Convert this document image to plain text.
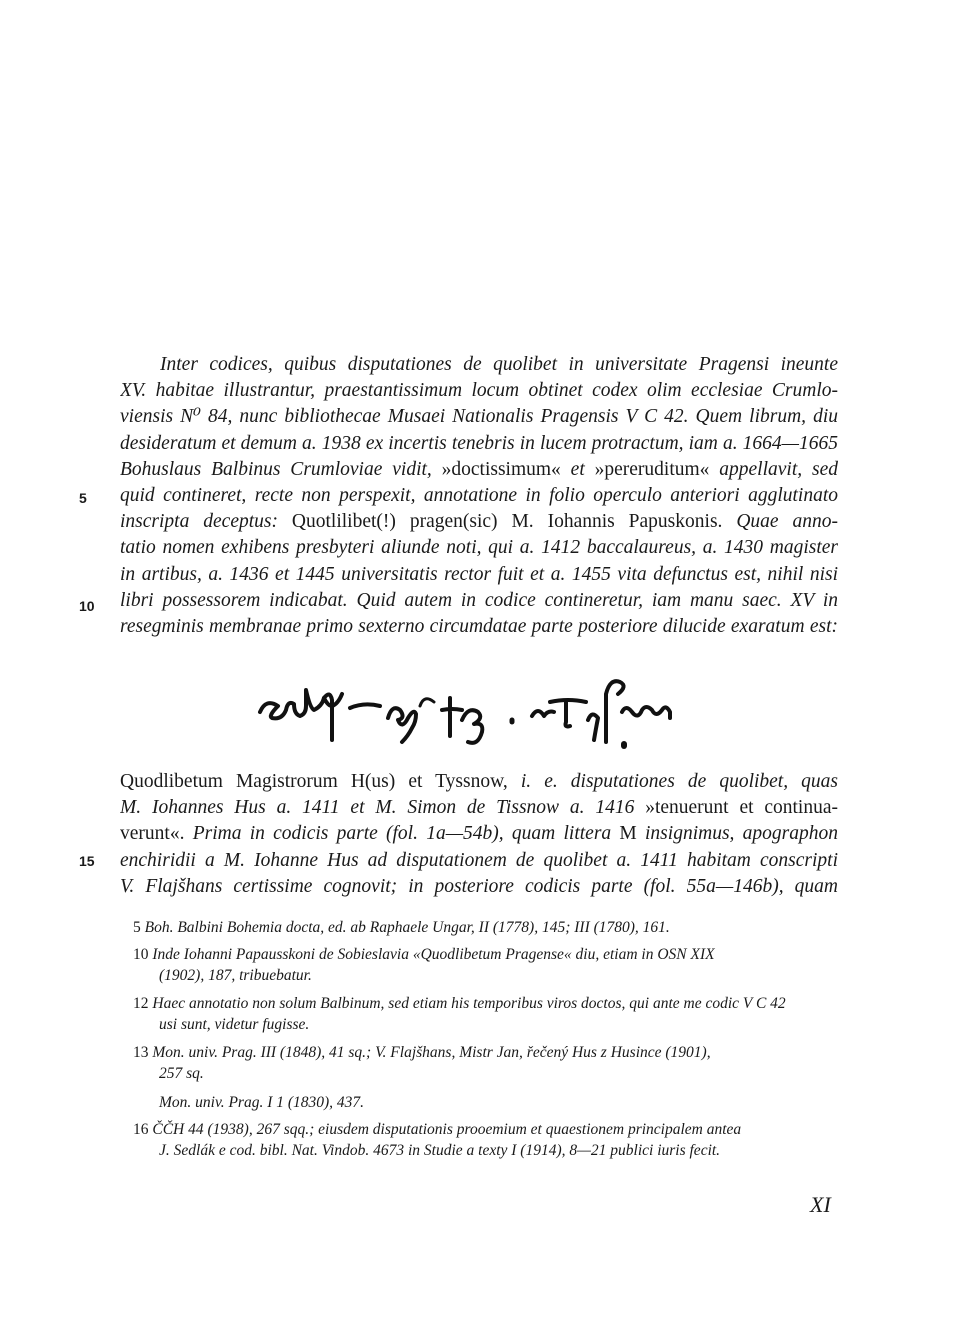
Inter codices, quibus disputationes de quolibet in universitate Pragensi ineunte
XV. habitae illustrantur, praestantissimum locum obtinet codex olim ecclesiae Crumlo-
viensis N⁰ 84, nunc bibliothecae Musaei Nationalis Pragensis V C 42. Quem librum, diu
desideratum et demum a. 1938 ex incertis tenebris in lucem protractum, iam a. 1664—1665
Bohuslaus Balbinus Crumloviae vidit, »doctissimum« et »pereruditum« appellavit, sed
quid contineret, recte non perspexit, annotatione in folio operculo anteriori agglutinato
inscripta deceptus: Quotlilibet(!) pragen(sic) M. Iohannis Papuskonis. Quae anno-
tatio nomen exhibens presbyteri aliunde noti, qui a. 1412 baccalaureus, a. 1430 magister
in artibus, a. 1436 et 1445 universitatis rector fuit et a. 1455 vita defunctus est, nihil nisi
libri possessorem indicabat. Quid autem in codice contineretur, iam manu saec. XV in
resegminis membranae primo sexterno circumdatae parte posteriore dilucide exaratum est:
5
10
15
Quodlibetum Magistrorum H(us) et Tyssnow, i. e. disputationes de quolibet, quas
M. Iohannes Hus a. 1411 et M. Simon de Tissnow a. 1416 »tenuerunt et continua-
verunt«. Prima in codicis parte (fol. 1a—54b), quam littera M insignimus, apographon
enchiridii a M. Iohanne Hus ad disputationem de quolibet a. 1411 habitam conscripti
V. Flajšhans certissime cognovit; in posteriore codicis parte (fol. 55a—146b), quam
5 Boh. Balbini Bohemia docta, ed. ab Raphaele Ungar, II (1778), 145; III (1780), 161.
10 Inde Iohanni Papausskoni de Sobieslavia «Quodlibetum Pragense« diu, etiam in OSN XIX
(1902), 187, tribuebatur.
12 Haec annotatio non solum Balbinum, sed etiam his temporibus viros doctos, qui ante me codic V C 42
usi sunt, videtur fugisse.
13 Mon. univ. Prag. III (1848), 41 sq.; V. Flajšhans, Mistr Jan, řečený Hus z Husince (1901),
257 sq.
Mon. univ. Prag. I 1 (1830), 437.
16 ČČH 44 (1938), 267 sqq.; eiusdem disputationis prooemium et quaestionem principalem antea
J. Sedlák e cod. bibl. Nat. Vindob. 4673 in Studie a texty I (1914), 8—21 publici iuris fecit.
XI
